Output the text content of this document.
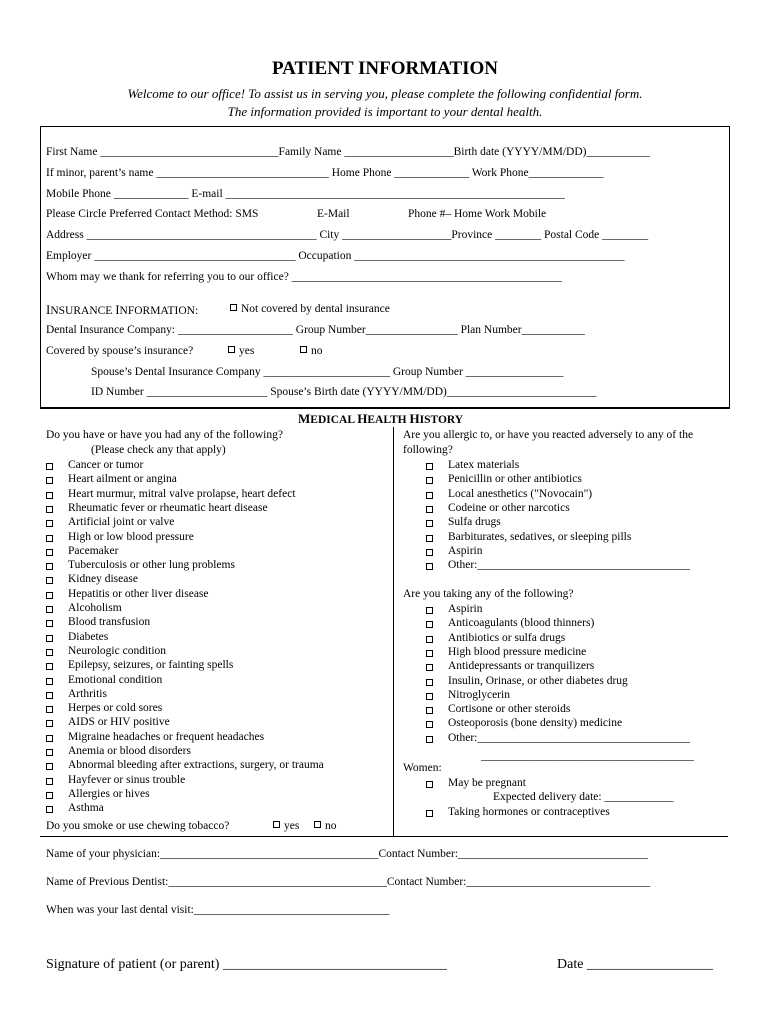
PATIENT INFORMATION
Welcome to our office! To assist us in serving you, please complete the following confidential form.
The information provided is important to your dental health.
First Name _______________________________Family Name ___________________Birth date (YYYY/MM/DD)___________
If minor, parent’s name ______________________________ Home Phone _____________ Work Phone_____________
Mobile Phone _____________ E-mail ___________________________________________________________
Please Circle Preferred Contact Method: SMS	E-Mail	Phone #– Home Work Mobile
Address ________________________________________ City ___________________Province ________ Postal Code ________
Employer ___________________________________ Occupation _______________________________________________
Whom may we thank for referring you to our office? _______________________________________________
INSURANCE INFORMATION:	Not covered by dental insurance
Dental Insurance Company: ____________________ Group Number________________ Plan Number___________
Covered by spouse’s insurance?	yes	no
Spouse’s Dental Insurance Company ______________________ Group Number _________________
ID Number _____________________ Spouse’s Birth date (YYYY/MM/DD)__________________________
MEDICAL HEALTH HISTORY
Do you have or have you had any of the following?
(Please check any that apply)
Cancer or tumor
Heart ailment or angina
Heart murmur, mitral valve prolapse, heart defect
Rheumatic fever or rheumatic heart disease
Artificial joint or valve
High or low blood pressure
Pacemaker
Tuberculosis or other lung problems
Kidney disease
Hepatitis or other liver disease
Alcoholism
Blood transfusion
Diabetes
Neurologic condition
Epilepsy, seizures, or fainting spells
Emotional condition
Arthritis
Herpes or cold sores
AIDS or HIV positive
Migraine headaches or frequent headaches
Anemia or blood disorders
Abnormal bleeding after extractions, surgery, or trauma
Hayfever or sinus trouble
Allergies or hives
Asthma
Do you smoke or use chewing tobacco?	yes	no
Are you allergic to, or have you reacted adversely to any of the
following?
Latex materials
Penicillin or other antibiotics
Local anesthetics ("Novocain")
Codeine or other narcotics
Sulfa drugs
Barbiturates, sedatives, or sleeping pills
Aspirin
Other:_____________________________________
Are you taking any of the following?
Aspirin
Anticoagulants (blood thinners)
Antibiotics or sulfa drugs
High blood pressure medicine
Antidepressants or tranquilizers
Insulin, Orinase, or other diabetes drug
Nitroglycerin
Cortisone or other steroids
Osteoporosis (bone density) medicine
Other:_____________________________________
_____________________________________
Women:
May be pregnant
Expected delivery date: ____________
Taking hormones or contraceptives
Name of your physician:______________________________________Contact Number:_________________________________
Name of Previous Dentist:______________________________________Contact Number:________________________________
When was your last dental visit:__________________________________
Signature of patient (or parent) ________________________________	Date __________________
